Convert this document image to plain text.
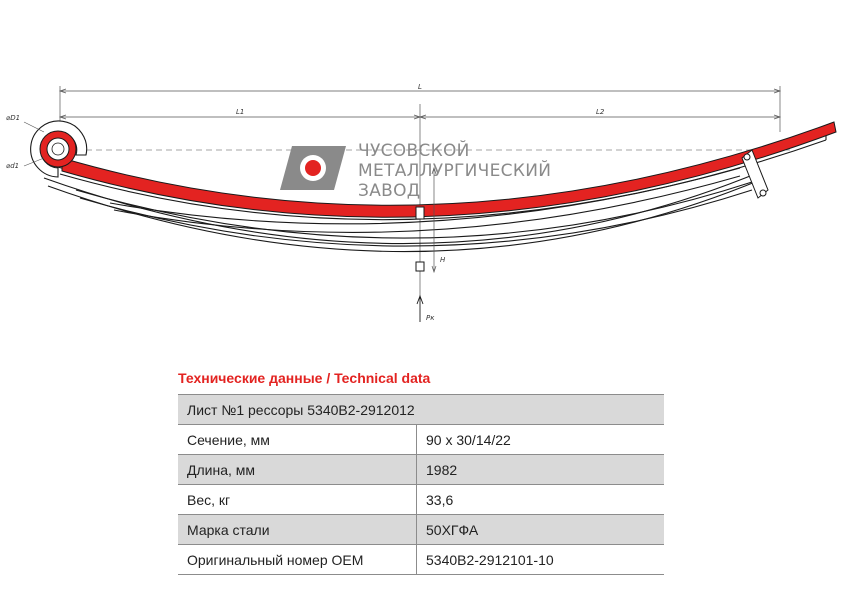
L
L1	L2
⌀D1
⌀d1
H
Pк
ЧУСОВСКОЙ
МЕТАЛЛУРГИЧЕСКИЙ
ЗАВОД
Технические данные / Technical data
Лист №1 рессоры 5340В2-2912012	
Сечение, мм	90 х 30/14/22
Длина, мм	1982
Вес, кг	33,6
Марка стали	50ХГФА
Оригинальный номер OEM	5340В2-2912101-10
